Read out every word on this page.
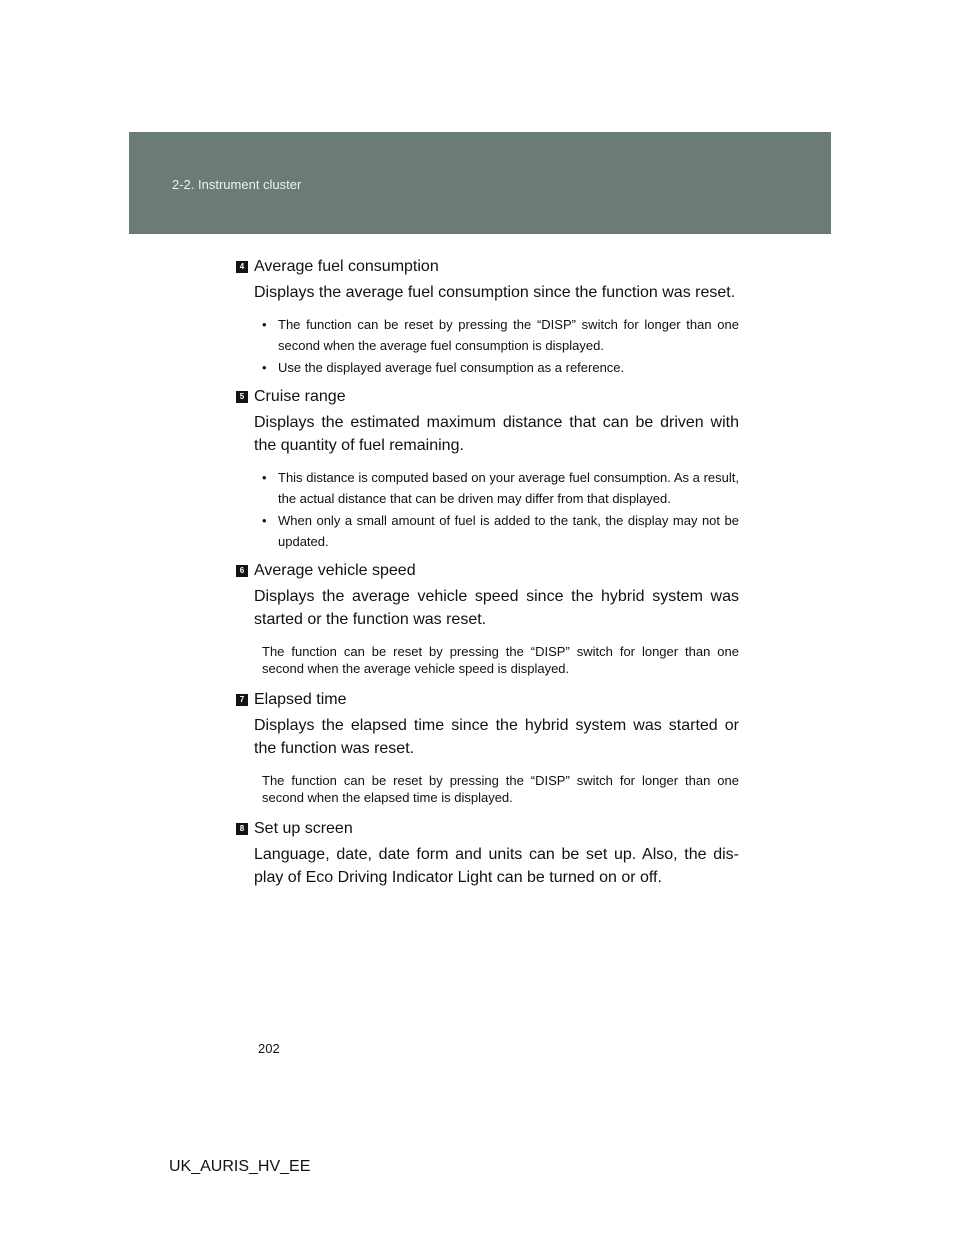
2-2. Instrument cluster
4 Average fuel consumption
Displays the average fuel consumption since the function was reset.
• The function can be reset by pressing the “DISP” switch for longer than one second when the average fuel consumption is displayed.
• Use the displayed average fuel consumption as a reference.
5 Cruise range
Displays the estimated maximum distance that can be driven with the quantity of fuel remaining.
• This distance is computed based on your average fuel consumption. As a result, the actual distance that can be driven may differ from that displayed.
• When only a small amount of fuel is added to the tank, the display may not be updated.
6 Average vehicle speed
Displays the average vehicle speed since the hybrid system was started or the function was reset.
The function can be reset by pressing the “DISP” switch for longer than one second when the average vehicle speed is displayed.
7 Elapsed time
Displays the elapsed time since the hybrid system was started or the function was reset.
The function can be reset by pressing the “DISP” switch for longer than one second when the elapsed time is displayed.
8 Set up screen
Language, date, date form and units can be set up. Also, the dis-play of Eco Driving Indicator Light can be turned on or off.
202
UK_AURIS_HV_EE
